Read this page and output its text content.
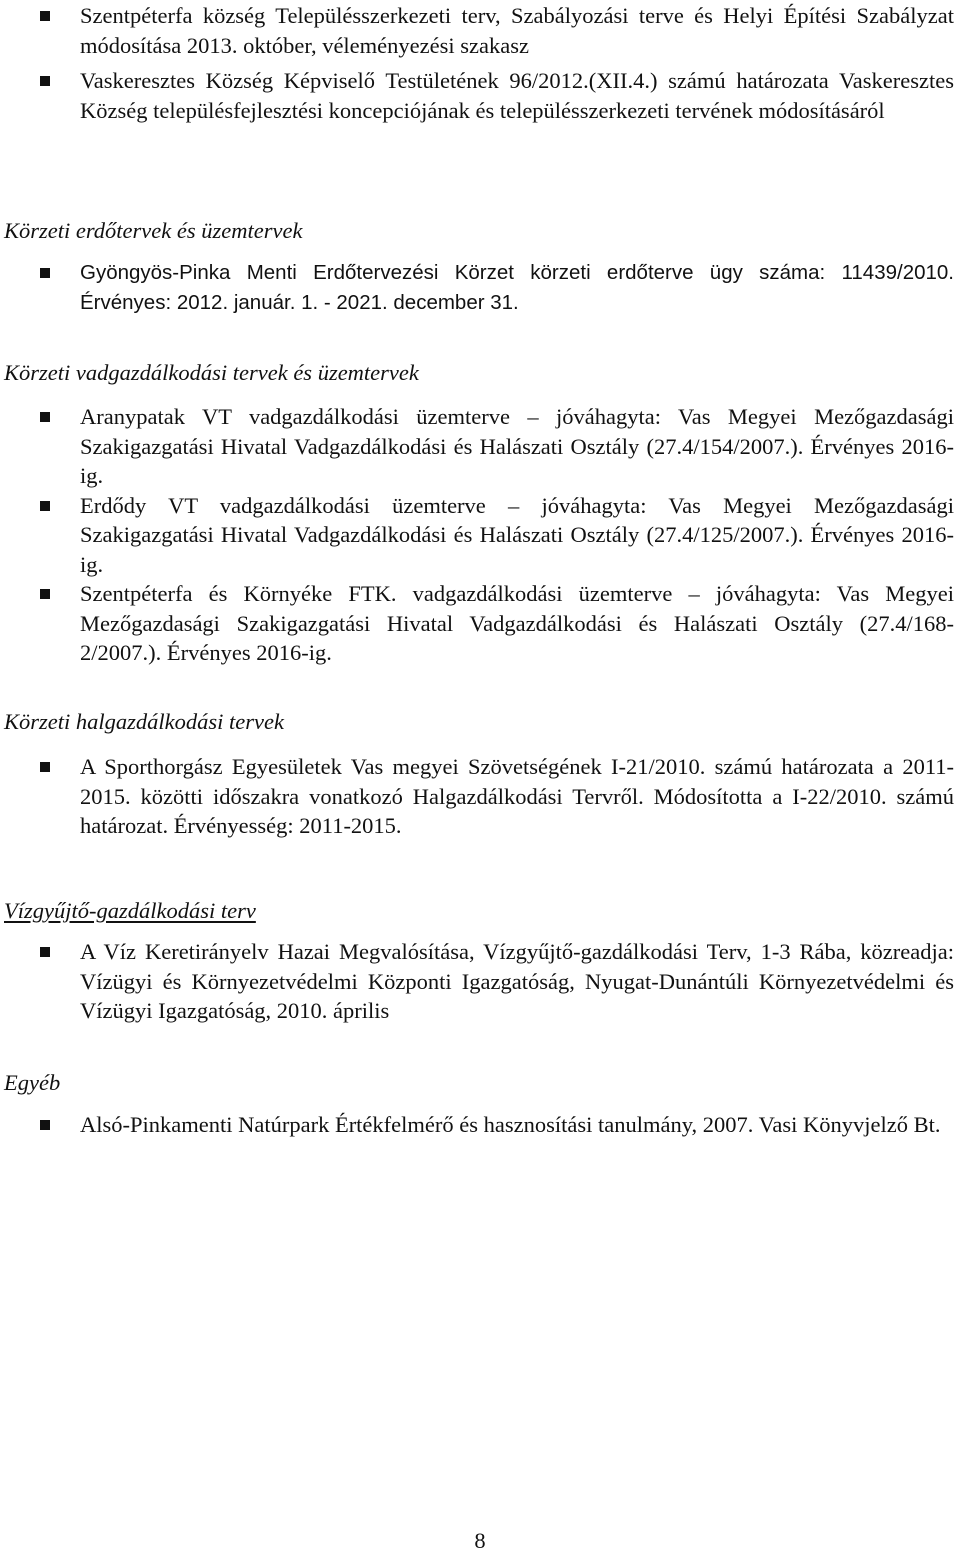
Szentpéterfa község Településszerkezeti terv, Szabályozási terve és Helyi Építési Szabályzat módosítása 2013. október, véleményezési szakasz
Vaskeresztes Község Képviselő Testületének 96/2012.(XII.4.) számú határozata Vaskeresztes Község településfejlesztési koncepciójának és településszerkezeti tervének módosításáról
Körzeti erdőtervek és üzemtervek
Gyöngyös-Pinka Menti Erdőtervezési Körzet körzeti erdőterve ügy száma: 11439/2010. Érvényes: 2012. január. 1. - 2021. december 31.
Körzeti vadgazdálkodási tervek és üzemtervek
Aranypatak VT vadgazdálkodási üzemterve – jóváhagyta: Vas Megyei Mezőgazdasági Szakigazgatási Hivatal Vadgazdálkodási és Halászati Osztály (27.4/154/2007.). Érvényes 2016-ig.
Erdődy VT vadgazdálkodási üzemterve – jóváhagyta: Vas Megyei Mezőgazdasági Szakigazgatási Hivatal Vadgazdálkodási és Halászati Osztály (27.4/125/2007.). Érvényes 2016-ig.
Szentpéterfa és Környéke FTK. vadgazdálkodási üzemterve – jóváhagyta: Vas Megyei Mezőgazdasági Szakigazgatási Hivatal Vadgazdálkodási és Halászati Osztály (27.4/168-2/2007.). Érvényes 2016-ig.
Körzeti halgazdálkodási tervek
A Sporthorgász Egyesületek Vas megyei Szövetségének I-21/2010. számú határozata a 2011-2015. közötti időszakra vonatkozó Halgazdálkodási Tervről. Módosította a I-22/2010. számú határozat. Érvényesség: 2011-2015.
Vízgyűjtő-gazdálkodási terv
A Víz Keretirányelv Hazai Megvalósítása, Vízgyűjtő-gazdálkodási Terv, 1-3 Rába, közreadja: Vízügyi és Környezetvédelmi Központi Igazgatóság, Nyugat-Dunántúli Környezetvédelmi és Vízügyi Igazgatóság, 2010. április
Egyéb
Alsó-Pinkamenti Natúrpark Értékfelmérő és hasznosítási tanulmány, 2007. Vasi Könyvjelző Bt.
8
